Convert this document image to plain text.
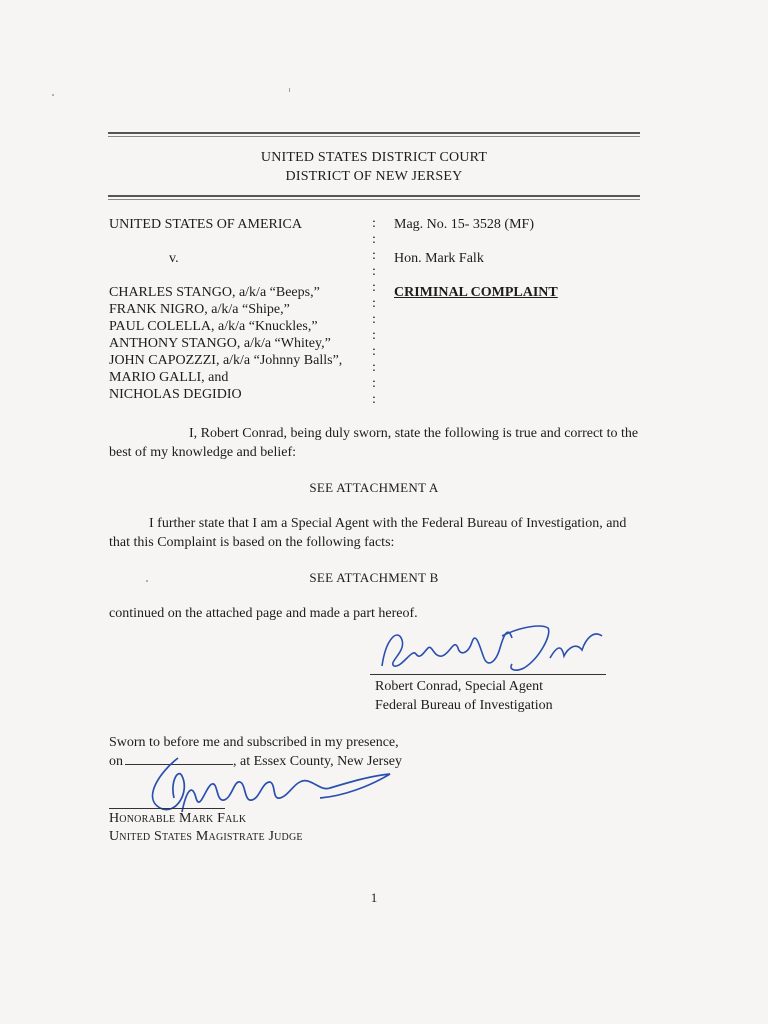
UNITED STATES DISTRICT COURT
DISTRICT OF NEW JERSEY
UNITED STATES OF AMERICA
v.
CHARLES STANGO, a/k/a “Beeps,”
FRANK NIGRO, a/k/a “Shipe,”
PAUL COLELLA, a/k/a “Knuckles,”
ANTHONY STANGO, a/k/a “Whitey,”
JOHN CAPOZZZI, a/k/a “Johnny Balls”,
MARIO GALLI, and
NICHOLAS DEGIDIO
:
:
:
:
:
:
:
:
:
:
:
:
Mag. No. 15- 3528 (MF)
Hon. Mark Falk
CRIMINAL COMPLAINT
I, Robert Conrad, being duly sworn, state the following is true and correct to the best of my knowledge and belief:
SEE ATTACHMENT A
I further state that I am a Special Agent with the Federal Bureau of Investigation, and that this Complaint is based on the following facts:
SEE ATTACHMENT B
continued on the attached page and made a part hereof.
Robert Conrad, Special Agent
Federal Bureau of Investigation
Sworn to before me and subscribed in my presence,
on	, at Essex County, New Jersey
Honorable Mark Falk
United States Magistrate Judge
1
